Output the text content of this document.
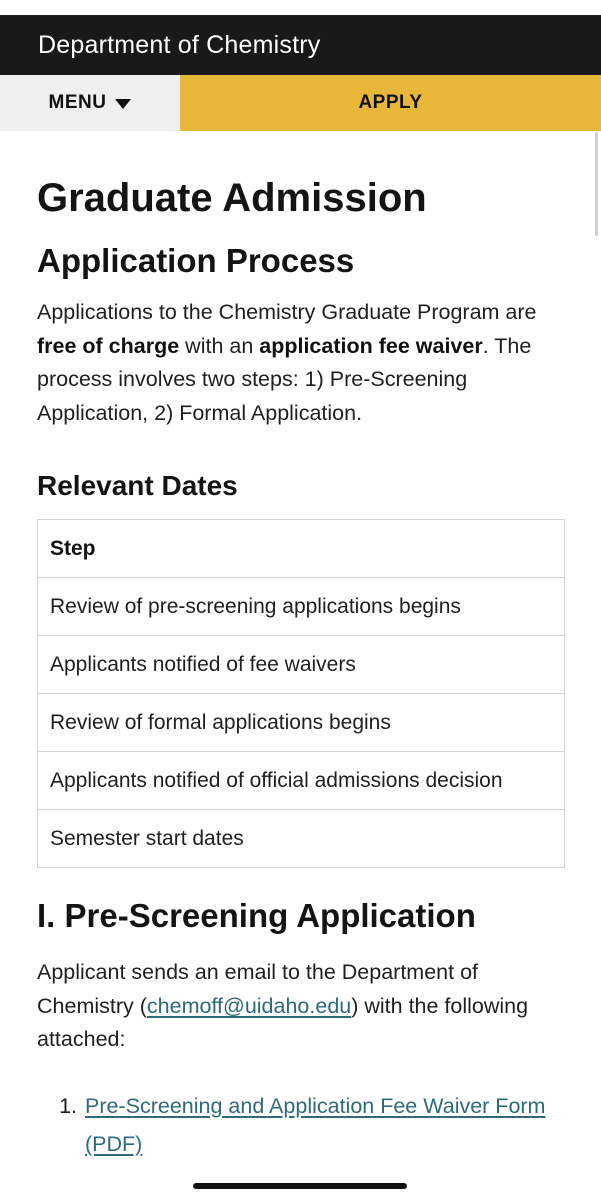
Department of Chemistry
MENU	APPLY
Graduate Admission
Application Process

Applications to the Chemistry Graduate Program are free of charge with an application fee waiver. The process involves two steps: 1) Pre-Screening Application, 2) Formal Application.

Relevant Dates
Step
Review of pre-screening applications begins
Applicants notified of fee waivers
Review of formal applications begins
Applicants notified of official admissions decision
Semester start dates
I. Pre-Screening Application

Applicant sends an email to the Department of Chemistry (chemoff@uidaho.edu) with the following attached:

1. Pre-Screening and Application Fee Waiver Form (PDF)
